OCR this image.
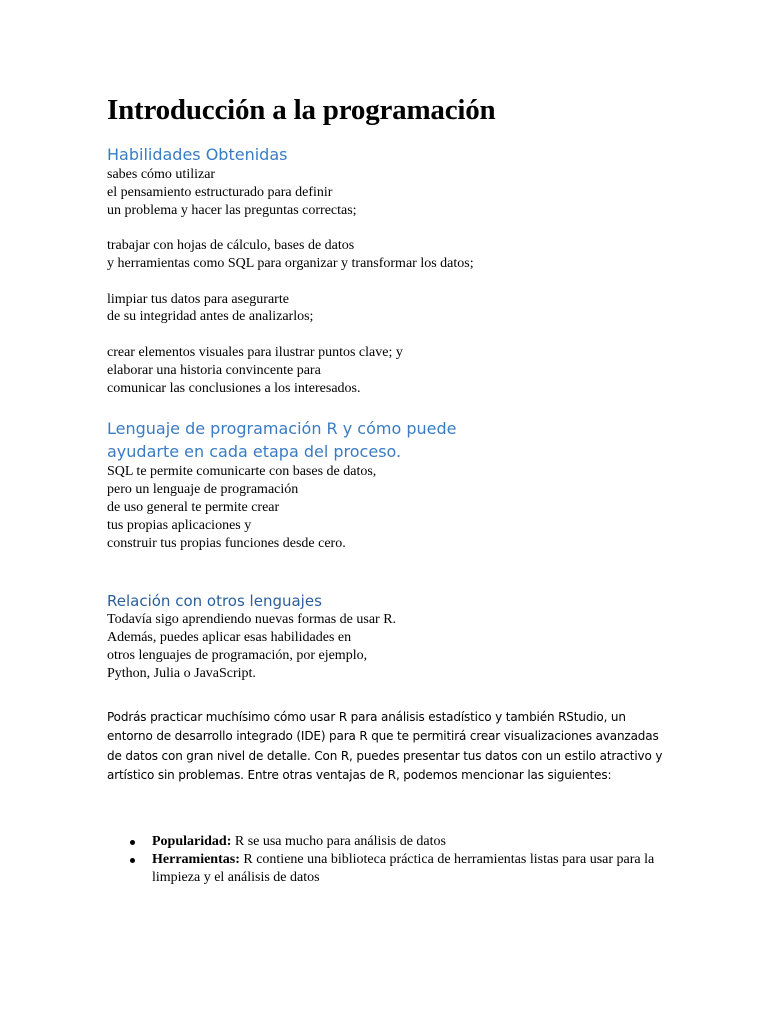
Introducción a la programación
Habilidades Obtenidas
sabes cómo utilizar
el pensamiento estructurado para definir
un problema y hacer las preguntas correctas;
trabajar con hojas de cálculo, bases de datos
y herramientas como SQL para organizar y transformar los datos;
limpiar tus datos para asegurarte
de su integridad antes de analizarlos;
crear elementos visuales para ilustrar puntos clave; y
elaborar una historia convincente para
comunicar las conclusiones a los interesados.
Lenguaje de programación R y cómo puede
ayudarte en cada etapa del proceso.
SQL te permite comunicarte con bases de datos,
pero un lenguaje de programación
de uso general te permite crear
tus propias aplicaciones y
construir tus propias funciones desde cero.
Relación con otros lenguajes
Todavía sigo aprendiendo nuevas formas de usar R.
Además, puedes aplicar esas habilidades en
otros lenguajes de programación, por ejemplo,
Python, Julia o JavaScript.
Podrás practicar muchísimo cómo usar R para análisis estadístico y también RStudio, un entorno de desarrollo integrado (IDE) para R que te permitirá crear visualizaciones avanzadas de datos con gran nivel de detalle. Con R, puedes presentar tus datos con un estilo atractivo y artístico sin problemas. Entre otras ventajas de R, podemos mencionar las siguientes:
Popularidad: R se usa mucho para análisis de datos
Herramientas: R contiene una biblioteca práctica de herramientas listas para usar para la limpieza y el análisis de datos
